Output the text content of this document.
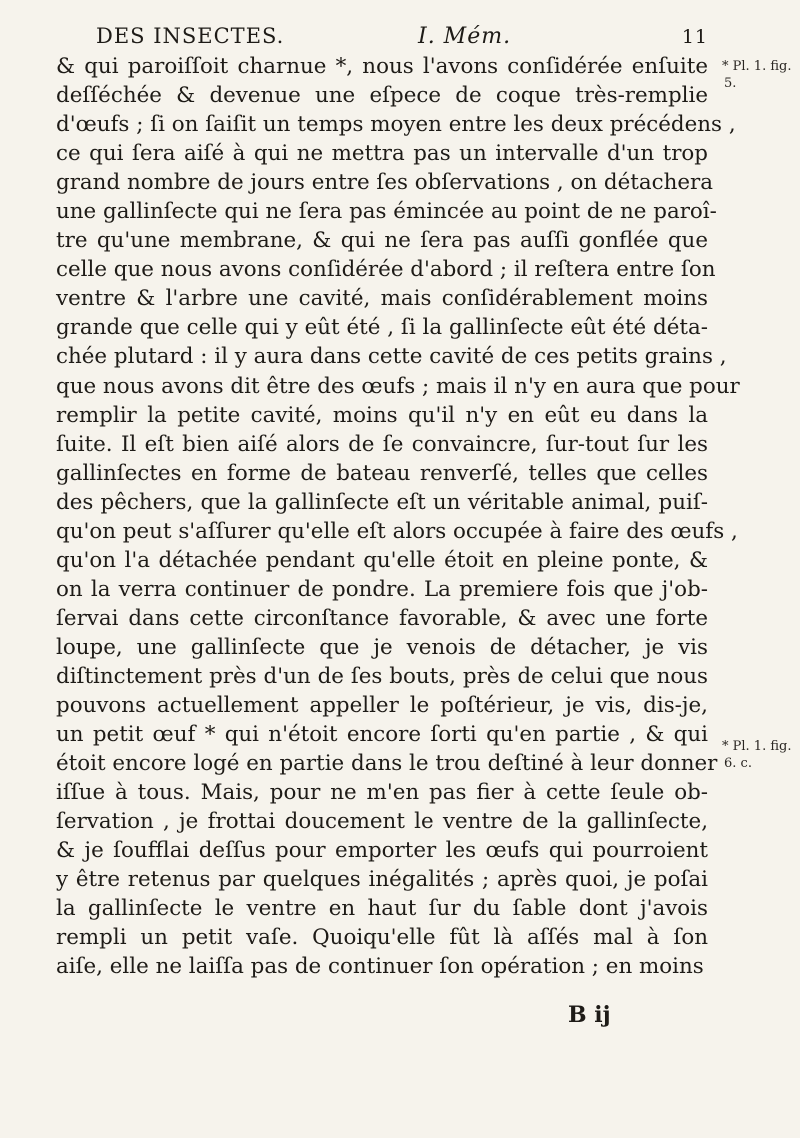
DES INSECTES.	I. Mém.	11
& qui paroiſſoit charnue *, nous l'avons conſidérée enſuite
deſſéchée & devenue une eſpece de coque très-remplie
d'œufs ; ſi on ſaiſit un temps moyen entre les deux précédens ,
ce qui ſera aiſé à qui ne mettra pas un intervalle d'un trop
grand nombre de jours entre ſes obſervations , on détachera
une gallinſecte qui ne ſera pas émincée au point de ne paroî-
tre qu'une membrane, & qui ne ſera pas auſſi gonflée que
celle que nous avons conſidérée d'abord ; il reſtera entre ſon
ventre & l'arbre une cavité, mais conſidérablement moins
grande que celle qui y eût été , ſi la gallinſecte eût été déta-
chée plutard : il y aura dans cette cavité de ces petits grains ,
que nous avons dit être des œufs ; mais il n'y en aura que pour
remplir la petite cavité, moins qu'il n'y en eût eu dans la
ſuite. Il eſt bien aiſé alors de ſe convaincre, ſur-tout ſur les
gallinſectes en forme de bateau renverſé, telles que celles
des pêchers, que la gallinſecte eſt un véritable animal, puiſ-
qu'on peut s'aſſurer qu'elle eſt alors occupée à faire des œufs ,
qu'on l'a détachée pendant qu'elle étoit en pleine ponte, &
on la verra continuer de pondre. La premiere fois que j'ob-
ſervai dans cette circonſtance favorable, & avec une forte
loupe, une gallinſecte que je venois de détacher, je vis
diſtinctement près d'un de ſes bouts, près de celui que nous
pouvons actuellement appeller le poſtérieur, je vis, dis-je,
un petit œuf * qui n'étoit encore ſorti qu'en partie , & qui
étoit encore logé en partie dans le trou deſtiné à leur donner
iſſue à tous. Mais, pour ne m'en pas fier à cette ſeule ob-
ſervation , je frottai doucement le ventre de la gallinſecte,
& je ſoufflai deſſus pour emporter les œufs qui pourroient
y être retenus par quelques inégalités ; après quoi, je poſai
la gallinſecte le ventre en haut ſur du ſable dont j'avois
rempli un petit vaſe. Quoiqu'elle fût là aſſés mal à ſon
aiſe, elle ne laiſſa pas de continuer ſon opération ; en moins
* Pl. 1. fig.
5.
* Pl. 1. fig.
6. c.
B ij
